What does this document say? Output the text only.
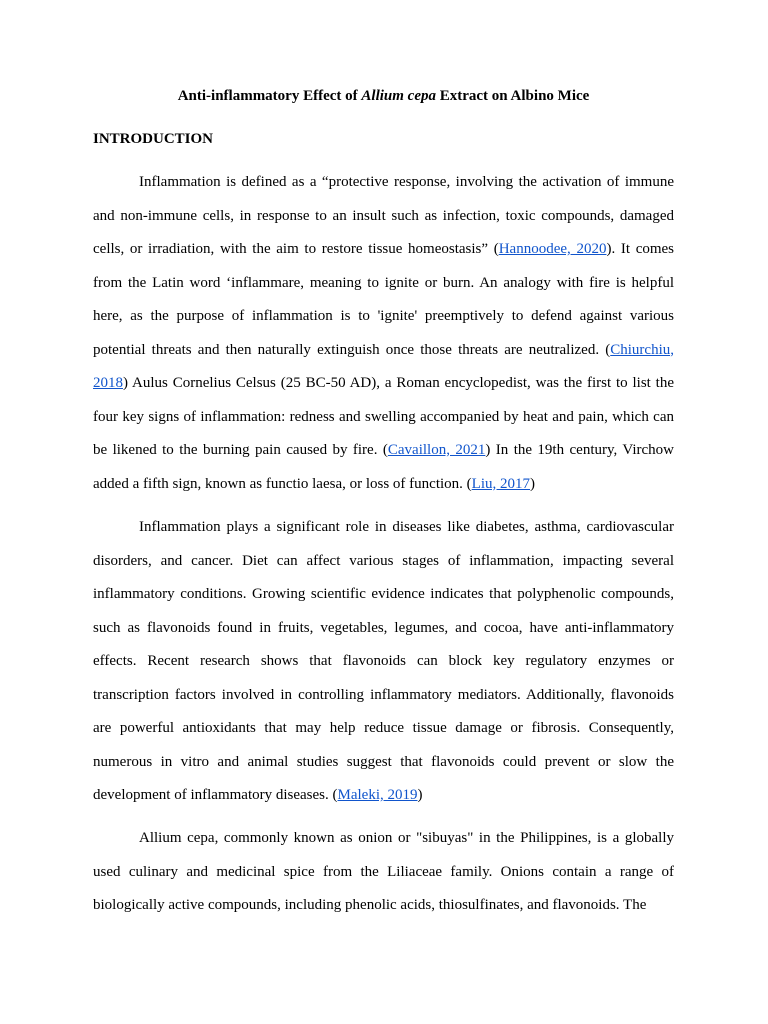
Anti-inflammatory Effect of Allium cepa Extract on Albino Mice
INTRODUCTION

Inflammation is defined as a “protective response, involving the activation of immune and non-immune cells, in response to an insult such as infection, toxic compounds, damaged cells, or irradiation, with the aim to restore tissue homeostasis” (Hannoodee, 2020). It comes from the Latin word ‘inflammare, meaning to ignite or burn. An analogy with fire is helpful here, as the purpose of inflammation is to 'ignite' preemptively to defend against various potential threats and then naturally extinguish once those threats are neutralized. (Chiurchiu, 2018) Aulus Cornelius Celsus (25 BC-50 AD), a Roman encyclopedist, was the first to list the four key signs of inflammation: redness and swelling accompanied by heat and pain, which can be likened to the burning pain caused by fire. (Cavaillon, 2021) In the 19th century, Virchow added a fifth sign, known as functio laesa, or loss of function. (Liu, 2017)

Inflammation plays a significant role in diseases like diabetes, asthma, cardiovascular disorders, and cancer. Diet can affect various stages of inflammation, impacting several inflammatory conditions. Growing scientific evidence indicates that polyphenolic compounds, such as flavonoids found in fruits, vegetables, legumes, and cocoa, have anti-inflammatory effects. Recent research shows that flavonoids can block key regulatory enzymes or transcription factors involved in controlling inflammatory mediators. Additionally, flavonoids are powerful antioxidants that may help reduce tissue damage or fibrosis. Consequently, numerous in vitro and animal studies suggest that flavonoids could prevent or slow the development of inflammatory diseases. (Maleki, 2019)

Allium cepa, commonly known as onion or "sibuyas" in the Philippines, is a globally used culinary and medicinal spice from the Liliaceae family. Onions contain a range of biologically active compounds, including phenolic acids, thiosulfinates, and flavonoids. The
